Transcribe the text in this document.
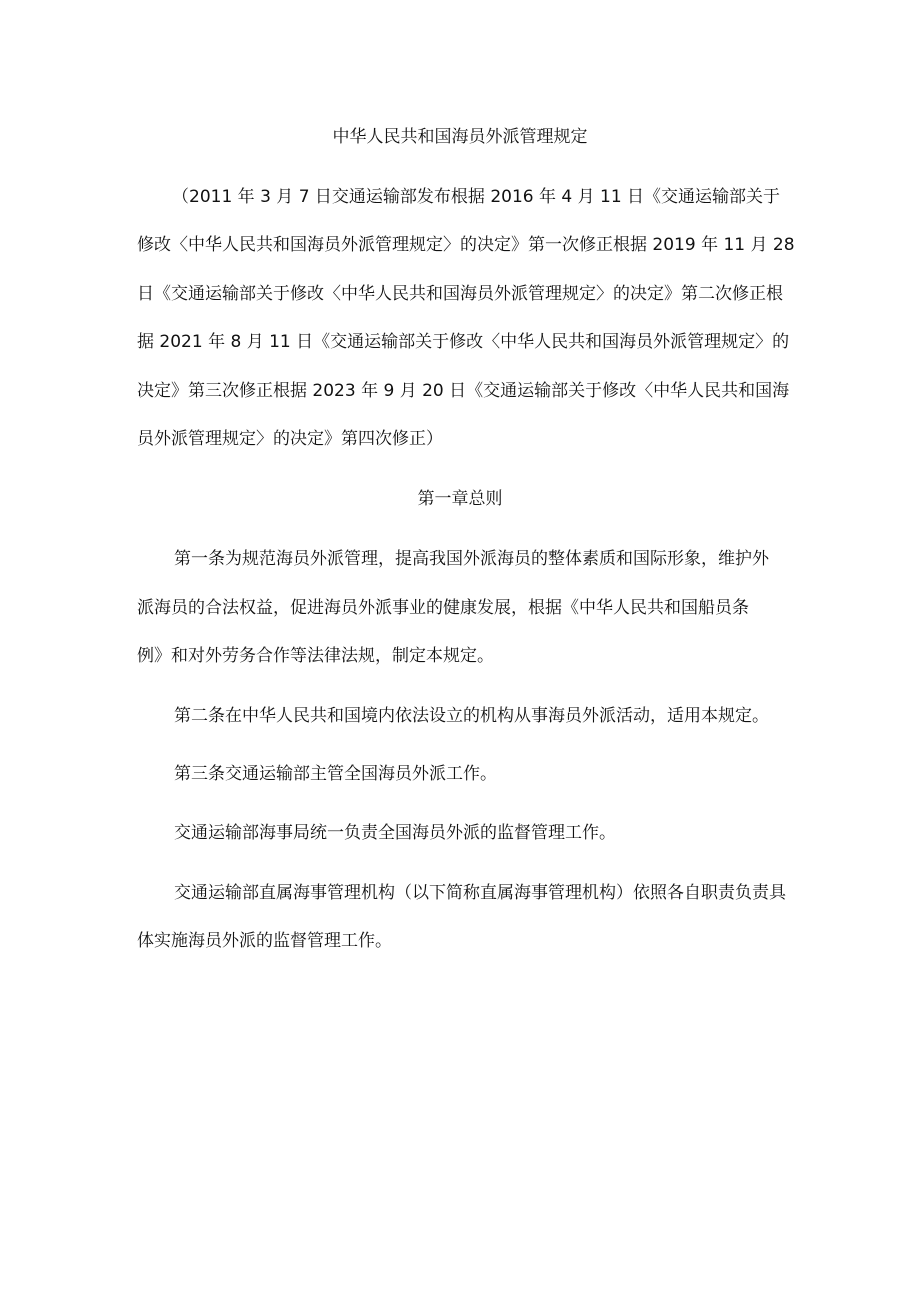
中华人民共和国海员外派管理规定
（2011 年 3 月 7 日交通运输部发布根据 2016 年 4 月 11 日《交通运输部关于
修改〈中华人民共和国海员外派管理规定〉的决定》第一次修正根据 2019 年 11 月 28
日《交通运输部关于修改〈中华人民共和国海员外派管理规定〉的决定》第二次修正根
据 2021 年 8 月 11 日《交通运输部关于修改〈中华人民共和国海员外派管理规定〉的
决定》第三次修正根据 2023 年 9 月 20 日《交通运输部关于修改〈中华人民共和国海
员外派管理规定〉的决定》第四次修正）
第一章总则
第一条为规范海员外派管理，提高我国外派海员的整体素质和国际形象，维护外
派海员的合法权益，促进海员外派事业的健康发展，根据《中华人民共和国船员条
例》和对外劳务合作等法律法规，制定本规定。
第二条在中华人民共和国境内依法设立的机构从事海员外派活动，适用本规定。
第三条交通运输部主管全国海员外派工作。
交通运输部海事局统一负责全国海员外派的监督管理工作。
交通运输部直属海事管理机构（以下简称直属海事管理机构）依照各自职责负责具
体实施海员外派的监督管理工作。
